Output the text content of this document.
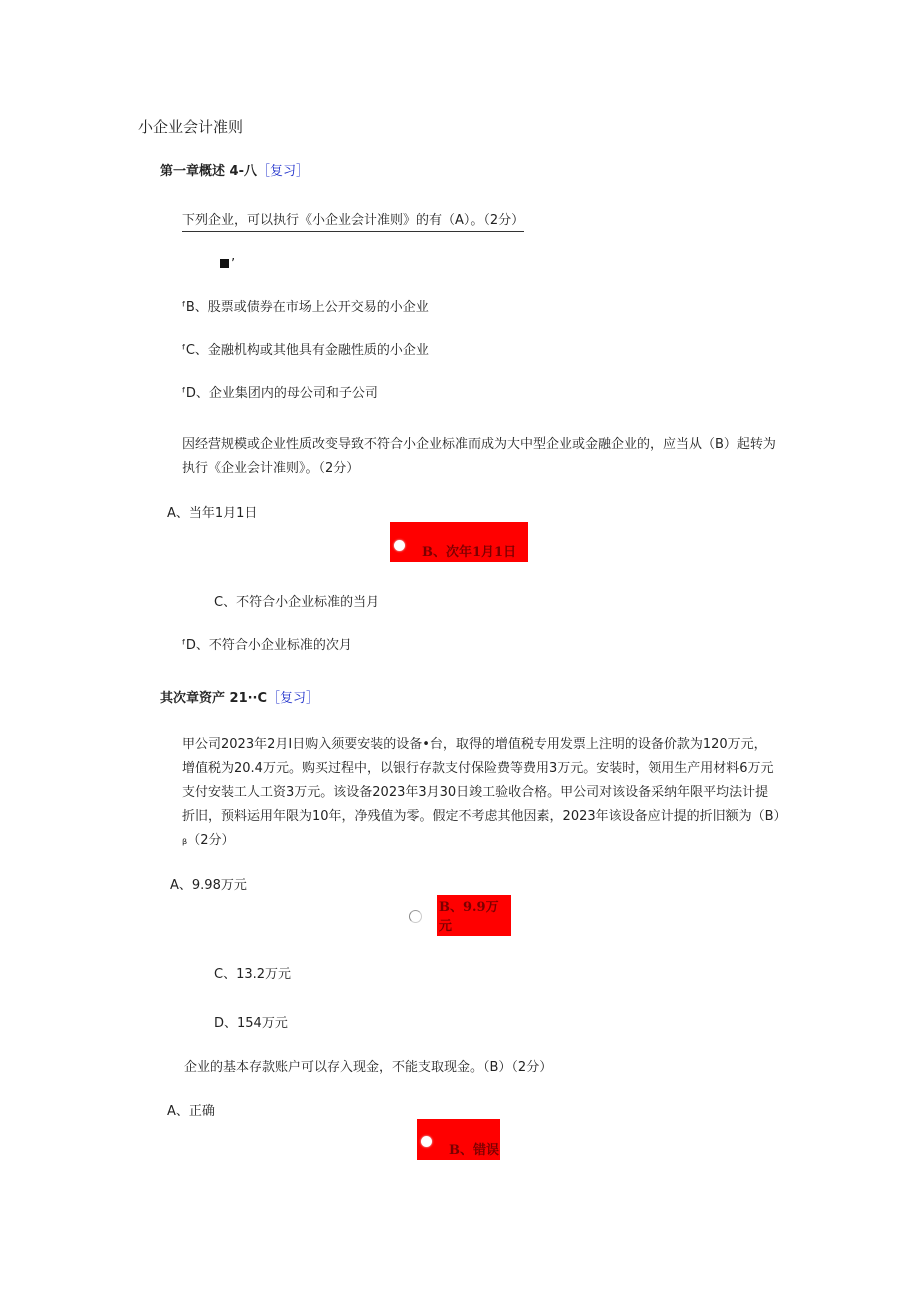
小企业会计准则
第一章概述 4-八［复习］
下列企业，可以执行《小企业会计准则》的有（A）。（2分）
’
ᶠB、股票或债券在市场上公开交易的小企业
ᶠC、金融机构或其他具有金融性质的小企业
ᶠD、企业集团内的母公司和子公司
因经营规模或企业性质改变导致不符合小企业标准而成为大中型企业或金融企业的，应当从（B）起转为
执行《企业会计准则》。（2分）
A、当年1月1日
B、次年1月1日
C、不符合小企业标准的当月
ᶠD、不符合小企业标准的次月
其次章资产 21··C［复习］
甲公司2023年2月I日购入须要安装的设备•台，取得的增值税专用发票上注明的设备价款为120万元，
增值税为20.4万元。购买过程中，以银行存款支付保险费等费用3万元。安装时，领用生产用材料6万元
支付安装工人工资3万元。该设备2023年3月30日竣工验收合格。甲公司对该设备采纳年限平均法计提
折旧，预料运用年限为10年，净残值为零。假定不考虑其他因素，2023年该设备应计提的折旧额为（B）
ᵦ（2分）
A、9.98万元
B、9.9万元
C、13.2万元
D、154万元
企业的基本存款账户可以存入现金，不能支取现金。（B）（2分）
A、正确
B、错误
